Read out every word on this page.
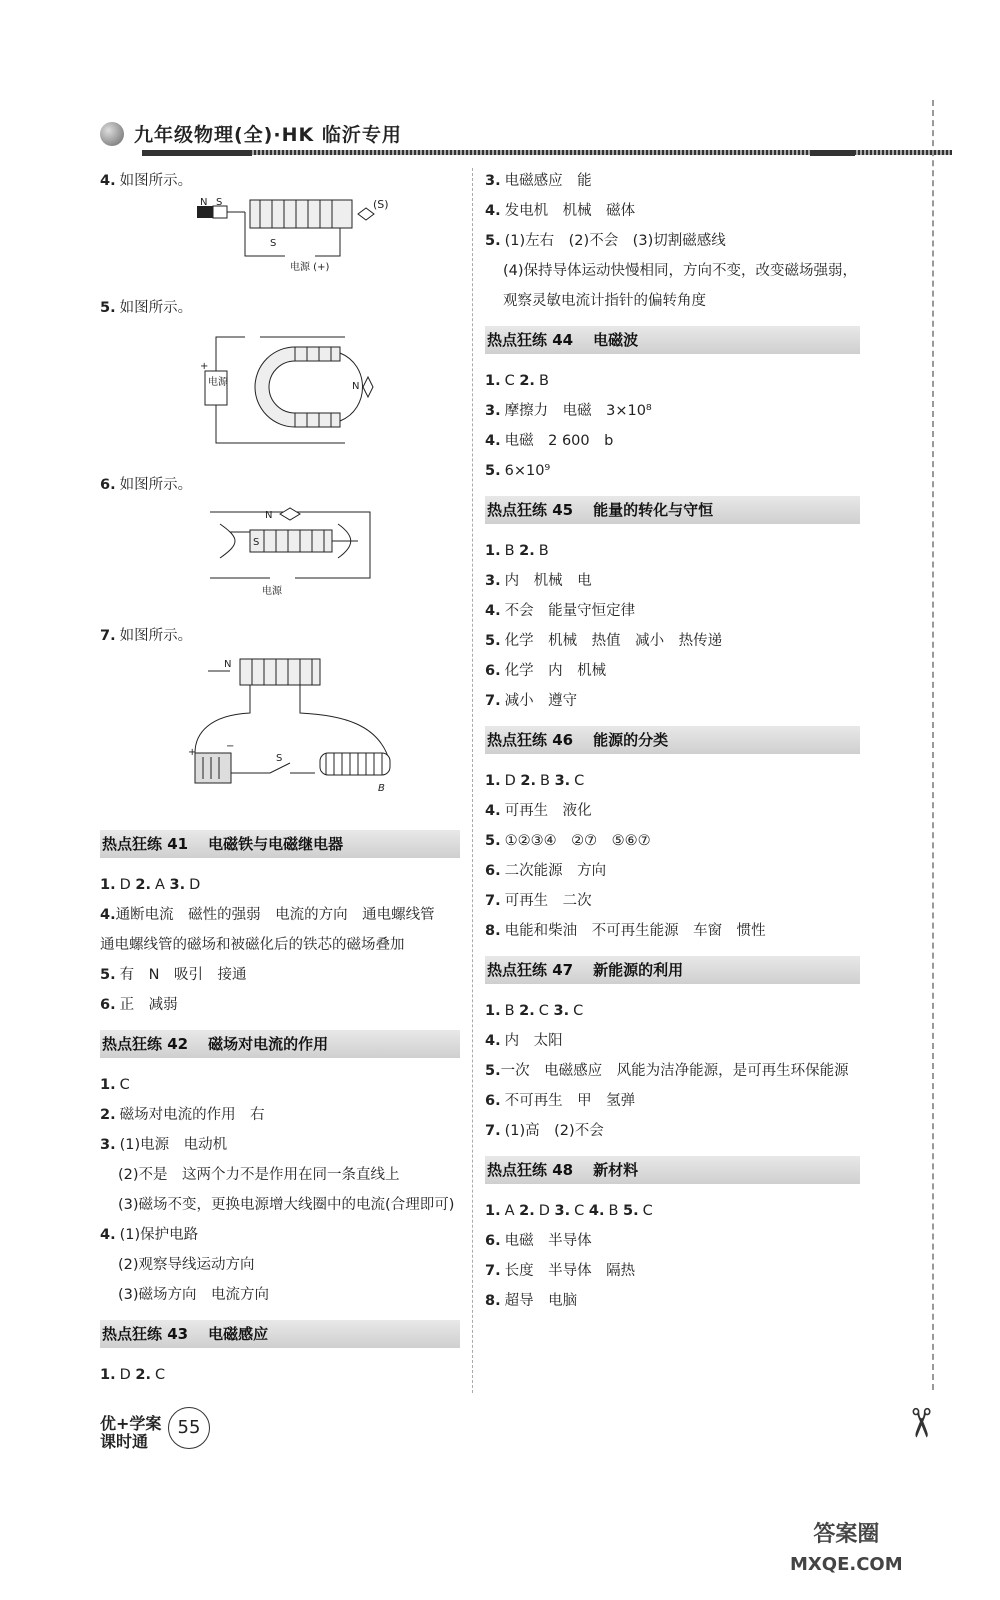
九年级物理(全)·HK 临沂专用
4. 如图所示。
N S	(S)
S
电源 (+)
5. 如图所示。
电源
+
N
6. 如图所示。
N
S
电源
7. 如图所示。
N
+
−
S
B
热点狂练 41 电磁铁与电磁继电器
1. D 2. A 3. D
4.通断电流　磁性的强弱　电流的方向　通电螺线管　通电螺线管的磁场和被磁化后的铁芯的磁场叠加
5. 有　N　吸引　接通
6. 正　减弱
热点狂练 42 磁场对电流的作用
1. C
2. 磁场对电流的作用　右
3. (1)电源　电动机
(2)不是　这两个力不是作用在同一条直线上
(3)磁场不变，更换电源增大线圈中的电流(合理即可)
4. (1)保护电路
(2)观察导线运动方向
(3)磁场方向　电流方向
热点狂练 43 电磁感应
1. D 2. C
3. 电磁感应　能
4. 发电机　机械　磁体
5. (1)左右　(2)不会　(3)切割磁感线
(4)保持导体运动快慢相同，方向不变，改变磁场强弱，观察灵敏电流计指针的偏转角度
热点狂练 44 电磁波
1. C 2. B
3. 摩擦力　电磁　3×10⁸
4. 电磁　2 600　b
5. 6×10⁹
热点狂练 45 能量的转化与守恒
1. B 2. B
3. 内　机械　电
4. 不会　能量守恒定律
5. 化学　机械　热值　减小　热传递
6. 化学　内　机械
7. 减小　遵守
热点狂练 46 能源的分类
1. D 2. B 3. C
4. 可再生　液化
5. ①②③④　②⑦　⑤⑥⑦
6. 二次能源　方向
7. 可再生　二次
8. 电能和柴油　不可再生能源　车窗　惯性
热点狂练 47 新能源的利用
1. B 2. C 3. C
4. 内　太阳
5.一次　电磁感应　风能为洁净能源，是可再生环保能源
6. 不可再生　甲　氢弹
7. (1)高　(2)不会
热点狂练 48 新材料
1. A 2. D 3. C 4. B 5. C
6. 电磁　半导体
7. 长度　半导体　隔热
8. 超导　电脑
优+学案
课时通
55	✂
答案圈
MXQE.COM
